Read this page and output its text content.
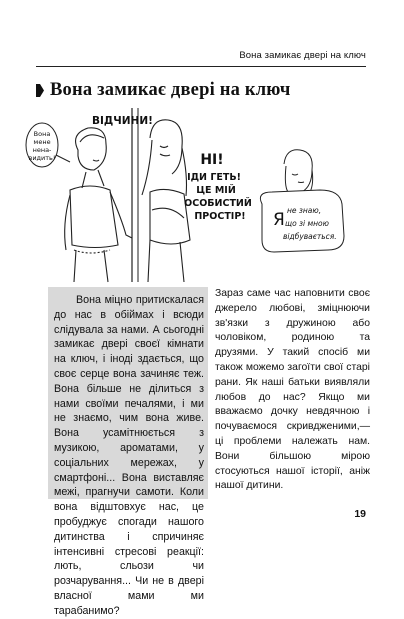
Вона замикає двері на ключ
Вона замикає двері на ключ
Вона
мене
нена-
видить!
ВІДЧИНИ!
НІ!
ІДИ ГЕТЬ!
ЦЕ МІЙ
ОСОБИСТИЙ
ПРОСТІР! Я не знаю,
що зі мною
відбувається.

Вона міцно притискалася до нас в обіймах і всюди слідувала за нами. А сьогодні замикає двері своєї кімнати на ключ, і іноді здається, що своє серце вона зачиняє теж. Вона більше не ділиться з нами своїми печалями, і ми не знаємо, чим вона живе. Вона усамітнюється з музикою, ароматами, у соціальних мережах, у смартфоні... Вона виставляє межі, прагнучи самоти. Коли вона відштовхує нас, це пробуджує спогади нашого дитинства і спричиняє інтенсивні стресові реакції: лють, сльози чи розчарування... Чи не в двері власної мами ми тарабанимо?

Зараз саме час наповнити своє джерело любові, зміцнюючи зв'язки з дружиною або чоловіком, родиною та друзями. У такий спосіб ми також можемо загоїти свої старі рани. Як наші батьки виявляли любов до нас? Якщо ми вважаємо дочку невдячною і почуваємося скривдженими,— ці проблеми належать нам. Вони більшою мірою стосуються нашої історії, аніж нашої дитини.

19
